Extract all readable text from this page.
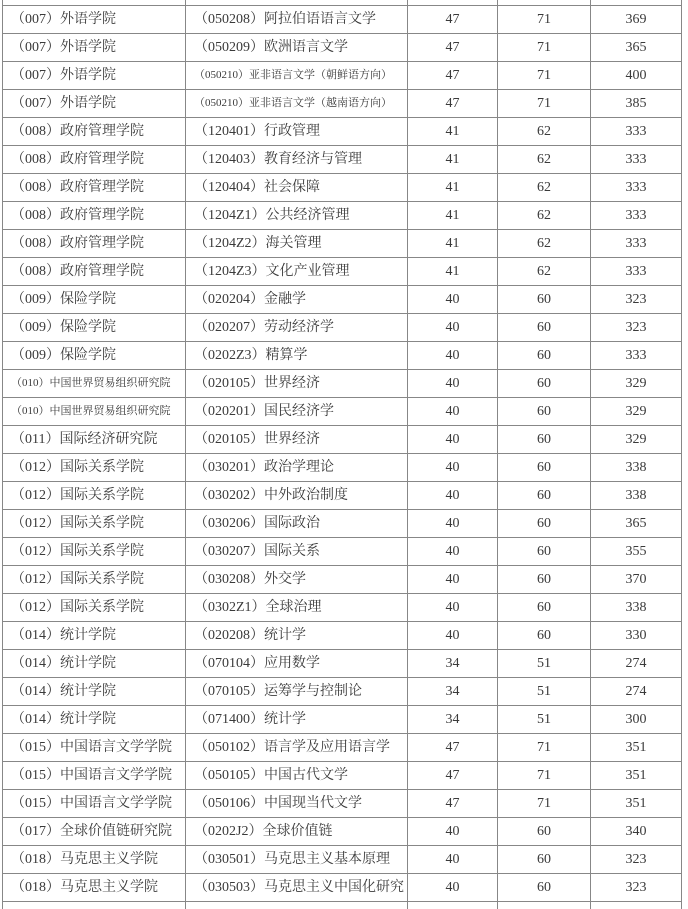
（007）外语学院	（050208）阿拉伯语语言文学	47	71	369
（007）外语学院	（050209）欧洲语言文学	47	71	365
（007）外语学院	（050210）亚非语言文学（朝鲜语方向）	47	71	400
（007）外语学院	（050210）亚非语言文学（越南语方向）	47	71	385
（008）政府管理学院	（120401）行政管理	41	62	333
（008）政府管理学院	（120403）教育经济与管理	41	62	333
（008）政府管理学院	（120404）社会保障	41	62	333
（008）政府管理学院	（1204Z1）公共经济管理	41	62	333
（008）政府管理学院	（1204Z2）海关管理	41	62	333
（008）政府管理学院	（1204Z3）文化产业管理	41	62	333
（009）保险学院	（020204）金融学	40	60	323
（009）保险学院	（020207）劳动经济学	40	60	323
（009）保险学院	（0202Z3）精算学	40	60	333
（010）中国世界贸易组织研究院	（020105）世界经济	40	60	329
（010）中国世界贸易组织研究院	（020201）国民经济学	40	60	329
（011）国际经济研究院	（020105）世界经济	40	60	329
（012）国际关系学院	（030201）政治学理论	40	60	338
（012）国际关系学院	（030202）中外政治制度	40	60	338
（012）国际关系学院	（030206）国际政治	40	60	365
（012）国际关系学院	（030207）国际关系	40	60	355
（012）国际关系学院	（030208）外交学	40	60	370
（012）国际关系学院	（0302Z1）全球治理	40	60	338
（014）统计学院	（020208）统计学	40	60	330
（014）统计学院	（070104）应用数学	34	51	274
（014）统计学院	（070105）运筹学与控制论	34	51	274
（014）统计学院	（071400）统计学	34	51	300
（015）中国语言文学学院	（050102）语言学及应用语言学	47	71	351
（015）中国语言文学学院	（050105）中国古代文学	47	71	351
（015）中国语言文学学院	（050106）中国现当代文学	47	71	351
（017）全球价值链研究院	（0202J2）全球价值链	40	60	340
（018）马克思主义学院	（030501）马克思主义基本原理	40	60	323
（018）马克思主义学院	（030503）马克思主义中国化研究	40	60	323
